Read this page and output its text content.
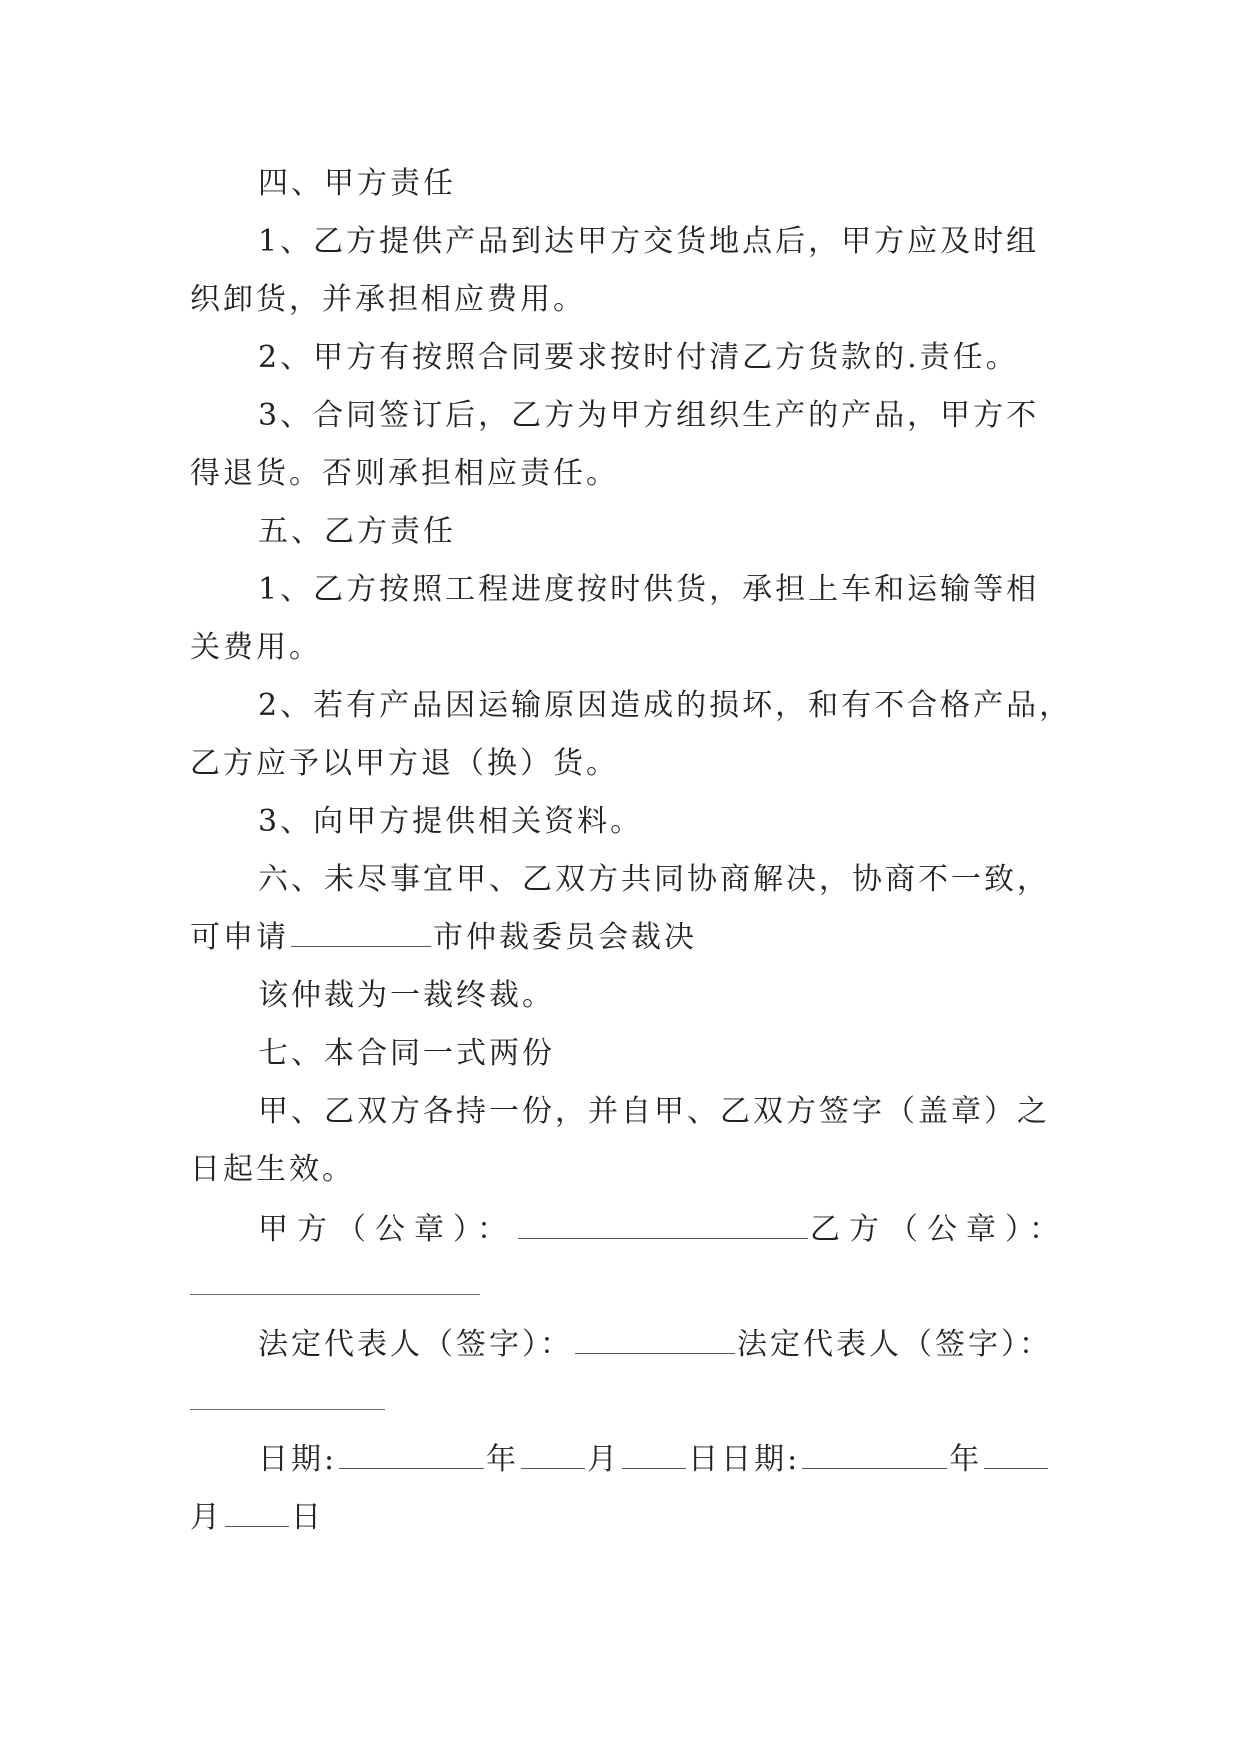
四、甲方责任
1、乙方提供产品到达甲方交货地点后，甲方应及时组
织卸货，并承担相应费用。
2、甲方有按照合同要求按时付清乙方货款的.责任。
3、合同签订后，乙方为甲方组织生产的产品，甲方不
得退货。否则承担相应责任。
五、乙方责任
1、乙方按照工程进度按时供货，承担上车和运输等相
关费用。
2、若有产品因运输原因造成的损坏，和有不合格产品，
乙方应予以甲方退（换）货。
3、向甲方提供相关资料。
六、未尽事宜甲、乙双方共同协商解决，协商不一致，
可申请	市仲裁委员会裁决
该仲裁为一裁终裁。
七、本合同一式两份
甲、乙双方各持一份，并自甲、乙双方签字（盖章）之
日起生效。
甲方（公章）：	乙方（公章）：
法定代表人（签字）：	法定代表人（签字）：
日期:	年 月 日日期:	年
月 日
